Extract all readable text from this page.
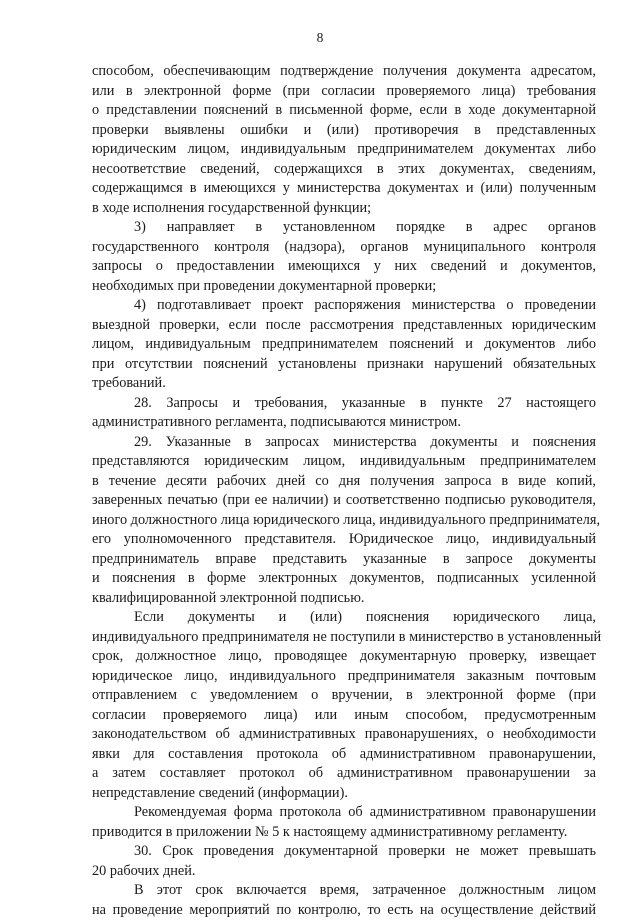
8
способом, обеспечивающим подтверждение получения документа адресатом,
или в электронной форме (при согласии проверяемого лица) требования
о представлении пояснений в письменной форме, если в ходе документарной
проверки выявлены ошибки и (или) противоречия в представленных
юридическим лицом, индивидуальным предпринимателем документах либо
несоответствие сведений, содержащихся в этих документах, сведениям,
содержащимся в имеющихся у министерства документах и (или) полученным
в ходе исполнения государственной функции;
3) направляет в установленном порядке в адрес органов
государственного контроля (надзора), органов муниципального контроля
запросы о предоставлении имеющихся у них сведений и документов,
необходимых при проведении документарной проверки;
4) подготавливает проект распоряжения министерства о проведении
выездной проверки, если после рассмотрения представленных юридическим
лицом, индивидуальным предпринимателем пояснений и документов либо
при отсутствии пояснений установлены признаки нарушений обязательных
требований.
28. Запросы и требования, указанные в пункте 27 настоящего
административного регламента, подписываются министром.
29. Указанные в запросах министерства документы и пояснения
представляются юридическим лицом, индивидуальным предпринимателем
в течение десяти рабочих дней со дня получения запроса в виде копий,
заверенных печатью (при ее наличии) и соответственно подписью руководителя,
иного должностного лица юридического лица, индивидуального предпринимателя,
его уполномоченного представителя. Юридическое лицо, индивидуальный
предприниматель вправе представить указанные в запросе документы
и пояснения в форме электронных документов, подписанных усиленной
квалифицированной электронной подписью.
Если документы и (или) пояснения юридического лица,
индивидуального предпринимателя не поступили в министерство в установленный
срок, должностное лицо, проводящее документарную проверку, извещает
юридическое лицо, индивидуального предпринимателя заказным почтовым
отправлением с уведомлением о вручении, в электронной форме (при
согласии проверяемого лица) или иным способом, предусмотренным
законодательством об административных правонарушениях, о необходимости
явки для составления протокола об административном правонарушении,
а затем составляет протокол об административном правонарушении за
непредставление сведений (информации).
Рекомендуемая форма протокола об административном правонарушении
приводится в приложении № 5 к настоящему административному регламенту.
30. Срок проведения документарной проверки не может превышать
20 рабочих дней.
В этот срок включается время, затраченное должностным лицом
на проведение мероприятий по контролю, то есть на осуществление действий
